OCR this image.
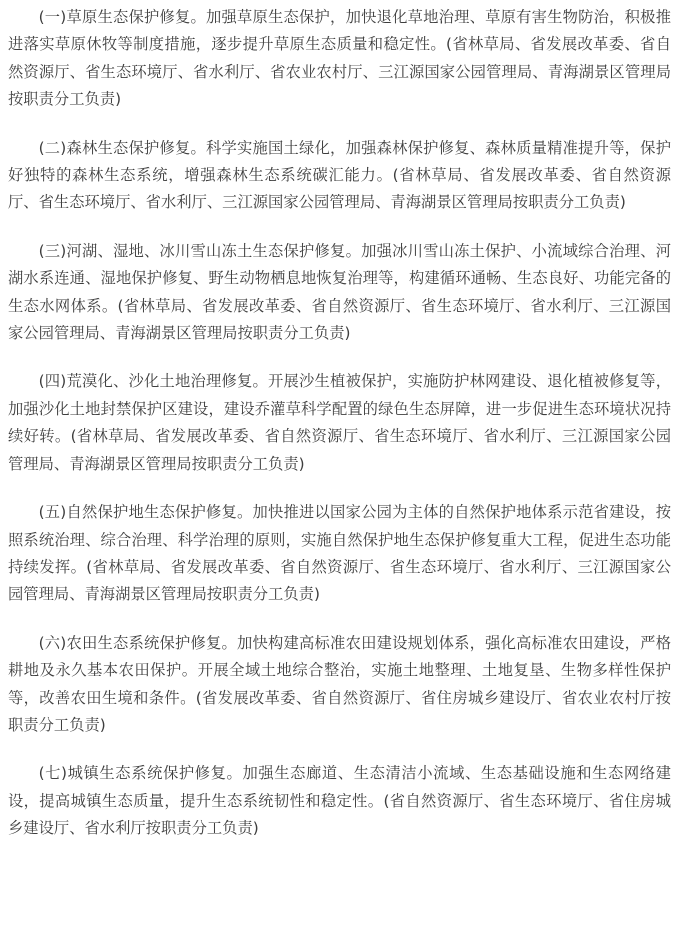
(一)草原生态保护修复。加强草原生态保护，加快退化草地治理、草原有害生物防治，积极推进落实草原休牧等制度措施，逐步提升草原生态质量和稳定性。(省林草局、省发展改革委、省自然资源厅、省生态环境厅、省水利厅、省农业农村厅、三江源国家公园管理局、青海湖景区管理局按职责分工负责)

(二)森林生态保护修复。科学实施国土绿化，加强森林保护修复、森林质量精准提升等，保护好独特的森林生态系统，增强森林生态系统碳汇能力。(省林草局、省发展改革委、省自然资源厅、省生态环境厅、省水利厅、三江源国家公园管理局、青海湖景区管理局按职责分工负责)

(三)河湖、湿地、冰川雪山冻土生态保护修复。加强冰川雪山冻土保护、小流域综合治理、河湖水系连通、湿地保护修复、野生动物栖息地恢复治理等，构建循环通畅、生态良好、功能完备的生态水网体系。(省林草局、省发展改革委、省自然资源厅、省生态环境厅、省水利厅、三江源国家公园管理局、青海湖景区管理局按职责分工负责)

(四)荒漠化、沙化土地治理修复。开展沙生植被保护，实施防护林网建设、退化植被修复等，加强沙化土地封禁保护区建设，建设乔灌草科学配置的绿色生态屏障，进一步促进生态环境状况持续好转。(省林草局、省发展改革委、省自然资源厅、省生态环境厅、省水利厅、三江源国家公园管理局、青海湖景区管理局按职责分工负责)

(五)自然保护地生态保护修复。加快推进以国家公园为主体的自然保护地体系示范省建设，按照系统治理、综合治理、科学治理的原则，实施自然保护地生态保护修复重大工程，促进生态功能持续发挥。(省林草局、省发展改革委、省自然资源厅、省生态环境厅、省水利厅、三江源国家公园管理局、青海湖景区管理局按职责分工负责)

(六)农田生态系统保护修复。加快构建高标准农田建设规划体系，强化高标准农田建设，严格耕地及永久基本农田保护。开展全域土地综合整治，实施土地整理、土地复垦、生物多样性保护等，改善农田生境和条件。(省发展改革委、省自然资源厅、省住房城乡建设厅、省农业农村厅按职责分工负责)

(七)城镇生态系统保护修复。加强生态廊道、生态清洁小流域、生态基础设施和生态网络建设，提高城镇生态质量，提升生态系统韧性和稳定性。(省自然资源厅、省生态环境厅、省住房城乡建设厅、省水利厅按职责分工负责)
